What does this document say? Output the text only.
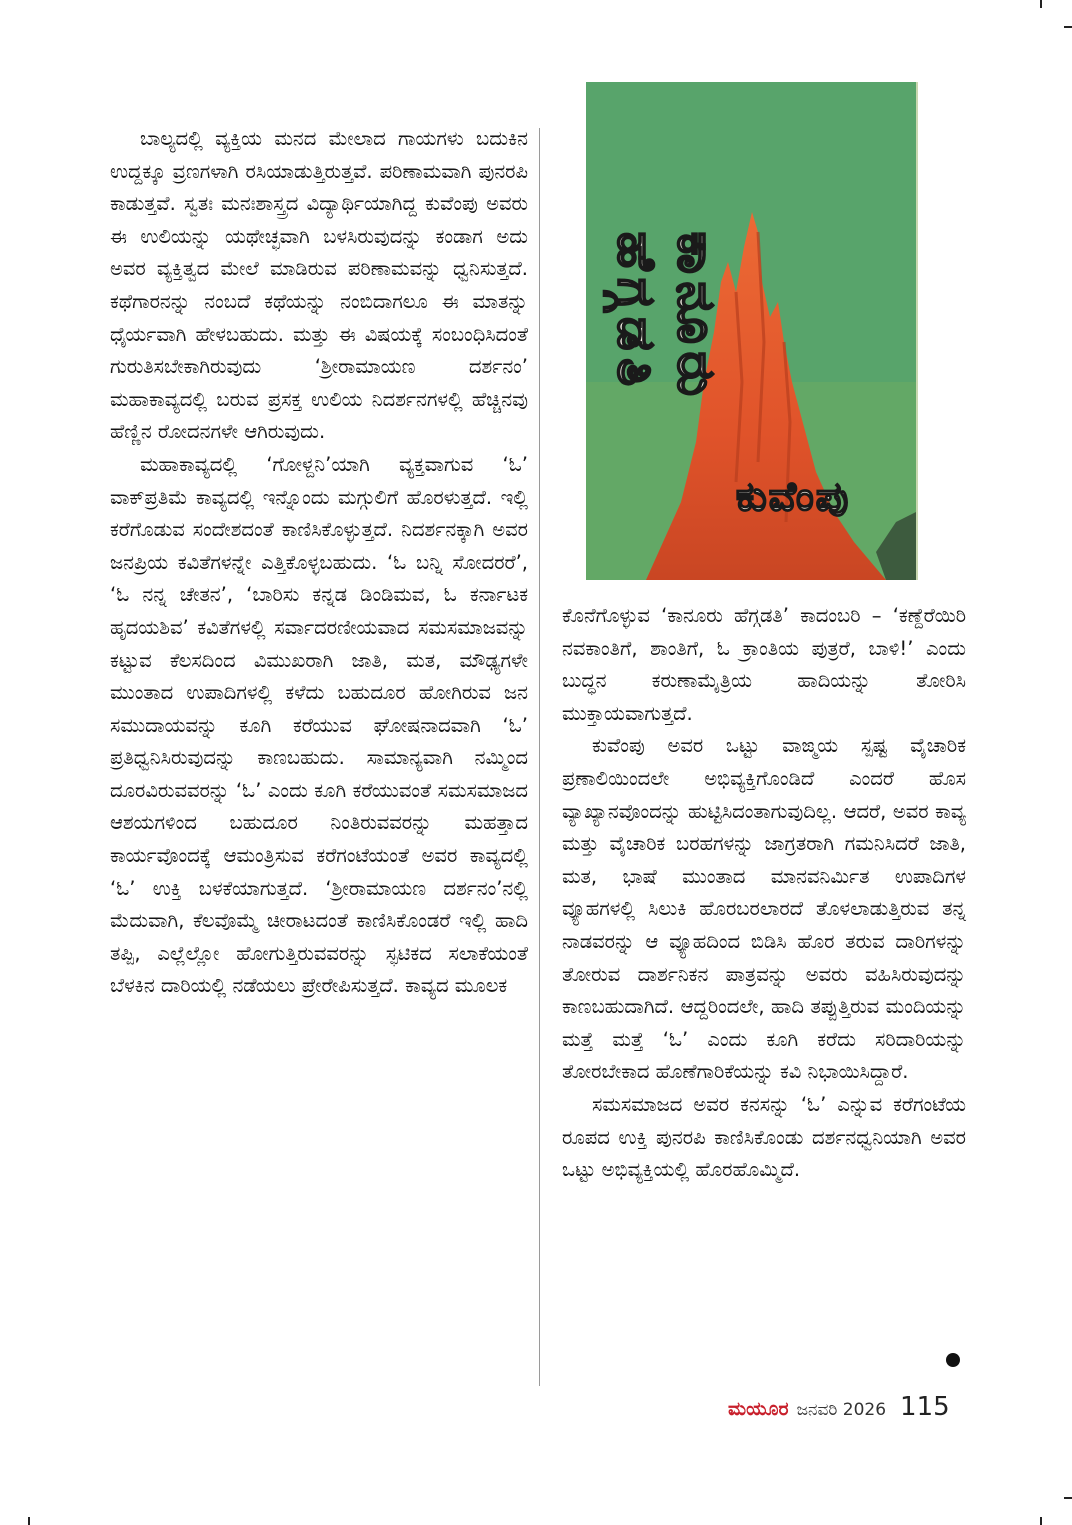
ಬಾಲ್ಯದಲ್ಲಿ ವ್ಯಕ್ತಿಯ ಮನದ ಮೇಲಾದ ಗಾಯಗಳು ಬದುಕಿನ ಉದ್ದಕ್ಕೂ ವ್ರಣಗಳಾಗಿ ರಸಿಯಾಡುತ್ತಿರುತ್ತವೆ. ಪರಿಣಾಮವಾಗಿ ಪುನರಪಿ ಕಾಡುತ್ತವೆ. ಸ್ವತಃ ಮನಃಶಾಸ್ತ್ರದ ವಿದ್ಯಾರ್ಥಿಯಾಗಿದ್ದ ಕುವೆಂಪು ಅವರು ಈ ಉಲಿಯನ್ನು ಯಥೇಚ್ಛವಾಗಿ ಬಳಸಿರುವುದನ್ನು ಕಂಡಾಗ ಅದು ಅವರ ವ್ಯಕ್ತಿತ್ವದ ಮೇಲೆ ಮಾಡಿರುವ ಪರಿಣಾಮವನ್ನು ಧ್ವನಿಸುತ್ತದೆ. ಕಥೆಗಾರನನ್ನು ನಂಬದೆ ಕಥೆಯನ್ನು ನಂಬಿದಾಗಲೂ ಈ ಮಾತನ್ನು ಧೈರ್ಯವಾಗಿ ಹೇಳಬಹುದು. ಮತ್ತು ಈ ವಿಷಯಕ್ಕೆ ಸಂಬಂಧಿಸಿದಂತೆ ಗುರುತಿಸಬೇಕಾಗಿರುವುದು ‘ಶ್ರೀರಾಮಾಯಣ ದರ್ಶನಂ’ ಮಹಾಕಾವ್ಯದಲ್ಲಿ ಬರುವ ಪ್ರಸಕ್ತ ಉಲಿಯ ನಿದರ್ಶನಗಳಲ್ಲಿ ಹೆಚ್ಚಿನವು ಹೆಣ್ಣಿನ ರೋದನಗಳೇ ಆಗಿರುವುದು.

ಮಹಾಕಾವ್ಯದಲ್ಲಿ ‘ಗೋಳ್ದನಿ’ಯಾಗಿ ವ್ಯಕ್ತವಾಗುವ ‘ಓ’ ವಾಕ್‌ಪ್ರತಿಮೆ ಕಾವ್ಯದಲ್ಲಿ ಇನ್ನೊಂದು ಮಗ್ಗುಲಿಗೆ ಹೊರಳುತ್ತದೆ. ಇಲ್ಲಿ ಕರೆಗೊಡುವ ಸಂದೇಶದಂತೆ ಕಾಣಿಸಿಕೊಳ್ಳುತ್ತದೆ. ನಿದರ್ಶನಕ್ಕಾಗಿ ಅವರ ಜನಪ್ರಿಯ ಕವಿತೆಗಳನ್ನೇ ಎತ್ತಿಕೊಳ್ಳಬಹುದು. ‘ಓ ಬನ್ನಿ ಸೋದರರೆ’, ‘ಓ ನನ್ನ ಚೇತನ’, ‘ಬಾರಿಸು ಕನ್ನಡ ಡಿಂಡಿಮವ, ಓ ಕರ್ನಾಟಕ ಹೃದಯಶಿವ’ ಕವಿತೆಗಳಲ್ಲಿ ಸರ್ವಾದರಣೀಯವಾದ ಸಮಸಮಾಜವನ್ನು ಕಟ್ಟುವ ಕೆಲಸದಿಂದ ವಿಮುಖರಾಗಿ ಜಾತಿ, ಮತ, ಮೌಢ್ಯಗಳೇ ಮುಂತಾದ ಉಪಾದಿಗಳಲ್ಲಿ ಕಳೆದು ಬಹುದೂರ ಹೋಗಿರುವ ಜನ ಸಮುದಾಯವನ್ನು ಕೂಗಿ ಕರೆಯುವ ಘೋಷನಾದವಾಗಿ ‘ಓ’ ಪ್ರತಿಧ್ವನಿಸಿರುವುದನ್ನು ಕಾಣಬಹುದು. ಸಾಮಾನ್ಯವಾಗಿ ನಮ್ಮಿಂದ ದೂರವಿರುವವರನ್ನು ‘ಓ’ ಎಂದು ಕೂಗಿ ಕರೆಯುವಂತೆ ಸಮಸಮಾಜದ ಆಶಯಗಳಿಂದ ಬಹುದೂರ ನಿಂತಿರುವವರನ್ನು ಮಹತ್ತಾದ ಕಾರ್ಯವೊಂದಕ್ಕೆ ಆಮಂತ್ರಿಸುವ ಕರೆಗಂಟೆಯಂತೆ ಅವರ ಕಾವ್ಯದಲ್ಲಿ ‘ಓ’ ಉಕ್ತಿ ಬಳಕೆಯಾಗುತ್ತದೆ. ‘ಶ್ರೀರಾಮಾಯಣ ದರ್ಶನಂ’ನಲ್ಲಿ ಮೆದುವಾಗಿ, ಕೆಲವೊಮ್ಮೆ ಚೀರಾಟದಂತೆ ಕಾಣಿಸಿಕೊಂಡರೆ ಇಲ್ಲಿ ಹಾದಿ ತಪ್ಪಿ, ಎಲ್ಲೆಲ್ಲೋ ಹೋಗುತ್ತಿರುವವರನ್ನು ಸ್ಫಟಿಕದ ಸಲಾಕೆಯಂತೆ ಬೆಳಕಿನ ದಾರಿಯಲ್ಲಿ ನಡೆಯಲು ಪ್ರೇರೇಪಿಸುತ್ತದೆ. ಕಾವ್ಯದ ಮೂಲಕ

ಕಾನೂರು ಹೆಗ್ಗಡತಿ
ಕುವೆಂಪು

ಕೊನೆಗೊಳ್ಳುವ ‘ಕಾನೂರು ಹೆಗ್ಗಡತಿ’ ಕಾದಂಬರಿ – ‘ಕಣ್ದೆರೆಯಿರಿ ನವಕಾಂತಿಗೆ, ಶಾಂತಿಗೆ, ಓ ಕ್ರಾಂತಿಯ ಪುತ್ರರೆ, ಬಾಳಿ!’ ಎಂದು ಬುದ್ಧನ ಕರುಣಾಮೈತ್ರಿಯ ಹಾದಿಯನ್ನು ತೋರಿಸಿ ಮುಕ್ತಾಯವಾಗುತ್ತದೆ.

ಕುವೆಂಪು ಅವರ ಒಟ್ಟು ವಾಙ್ಮಯ ಸ್ಪಷ್ಟ ವೈಚಾರಿಕ ಪ್ರಣಾಲಿಯಿಂದಲೇ ಅಭಿವ್ಯಕ್ತಿಗೊಂಡಿದೆ ಎಂದರೆ ಹೊಸ ವ್ಯಾಖ್ಯಾನವೊಂದನ್ನು ಹುಟ್ಟಿಸಿದಂತಾಗುವುದಿಲ್ಲ. ಆದರೆ, ಅವರ ಕಾವ್ಯ ಮತ್ತು ವೈಚಾರಿಕ ಬರಹಗಳನ್ನು ಜಾಗ್ರತರಾಗಿ ಗಮನಿಸಿದರೆ ಜಾತಿ, ಮತ, ಭಾಷೆ ಮುಂತಾದ ಮಾನವನಿರ್ಮಿತ ಉಪಾದಿಗಳ ವ್ಯೂಹಗಳಲ್ಲಿ ಸಿಲುಕಿ ಹೊರಬರಲಾರದೆ ತೊಳಲಾಡುತ್ತಿರುವ ತನ್ನ ನಾಡವರನ್ನು ಆ ವ್ಯೂಹದಿಂದ ಬಿಡಿಸಿ ಹೊರ ತರುವ ದಾರಿಗಳನ್ನು ತೋರುವ ದಾರ್ಶನಿಕನ ಪಾತ್ರವನ್ನು ಅವರು ವಹಿಸಿರುವುದನ್ನು ಕಾಣಬಹುದಾಗಿದೆ. ಆದ್ದರಿಂದಲೇ, ಹಾದಿ ತಪ್ಪುತ್ತಿರುವ ಮಂದಿಯನ್ನು ಮತ್ತೆ ಮತ್ತೆ ‘ಓ’ ಎಂದು ಕೂಗಿ ಕರೆದು ಸರಿದಾರಿಯನ್ನು ತೋರಬೇಕಾದ ಹೊಣೆಗಾರಿಕೆಯನ್ನು ಕವಿ ನಿಭಾಯಿಸಿದ್ದಾರೆ.

ಸಮಸಮಾಜದ ಅವರ ಕನಸನ್ನು ‘ಓ’ ಎನ್ನುವ ಕರೆಗಂಟೆಯ ರೂಪದ ಉಕ್ತಿ ಪುನರಪಿ ಕಾಣಿಸಿಕೊಂಡು ದರ್ಶನಧ್ವನಿಯಾಗಿ ಅವರ ಒಟ್ಟು ಅಭಿವ್ಯಕ್ತಿಯಲ್ಲಿ ಹೊರಹೊಮ್ಮಿದೆ.

ಮಯೂರ ಜನವರಿ 2026 115
